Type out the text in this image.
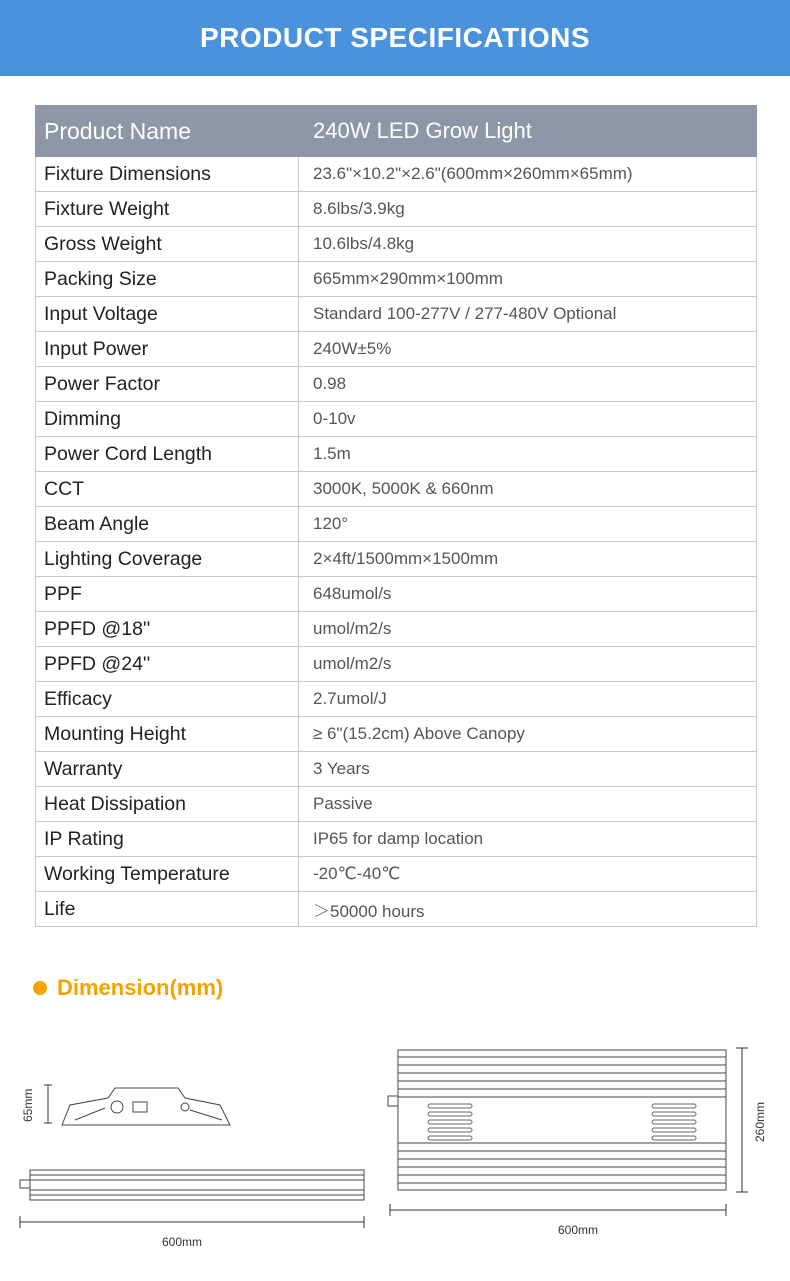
PRODUCT SPECIFICATIONS
Product Name	240W LED Grow Light
Fixture Dimensions	23.6"×10.2"×2.6"(600mm×260mm×65mm)
Fixture Weight	8.6lbs/3.9kg
Gross Weight	10.6lbs/4.8kg
Packing Size	665mm×290mm×100mm
Input Voltage	Standard 100-277V / 277-480V Optional
Input Power	240W±5%
Power Factor	0.98
Dimming	0-10v
Power Cord Length	1.5m
CCT	3000K, 5000K & 660nm
Beam Angle	120°
Lighting Coverage	2×4ft/1500mm×1500mm
PPF	648umol/s
PPFD @18''	umol/m2/s
PPFD @24''	umol/m2/s
Efficacy	2.7umol/J
Mounting Height	≥ 6"(15.2cm) Above Canopy
Warranty	3 Years
Heat Dissipation	Passive
IP Rating	IP65 for damp location
Working Temperature	-20℃-40℃
Life	＞50000 hours
Dimension(mm)
65mm
600mm
260mm
600mm
